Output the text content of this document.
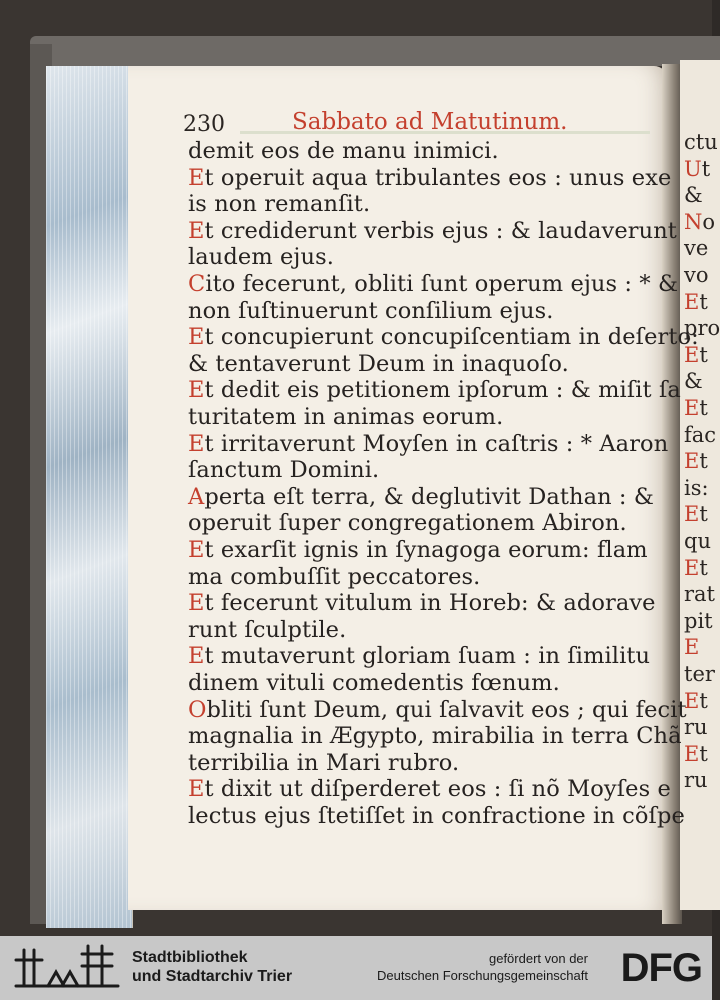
ctu
Ut
&
No
ve
vo
Et
pro
Et
&
Et
fac
Et
is:
Et
qu
Et
rat
pit
E
ter
Et
ru
Et
ru
230	Sabbato ad Matutinum.
demit eos de manu inimici.
Et operuit aqua tribulantes eos : unus exe
is non remanſit.
Et crediderunt verbis ejus : & laudaverunt
laudem ejus.
Cito fecerunt, obliti ſunt operum ejus : * &
non ſuſtinuerunt conſilium ejus.
Et concupierunt concupiſcentiam in deſerto:
& tentaverunt Deum in inaquoſo.
Et dedit eis petitionem ipſorum : & miſit ſa
turitatem in animas eorum.
Et irritaverunt Moyſen in caſtris : * Aaron
ſanctum Domini.
Aperta eſt terra, & deglutivit Dathan : &
operuit ſuper congregationem Abiron.
Et exarſit ignis in ſynagoga eorum: flam
ma combuſſit peccatores.
Et fecerunt vitulum in Horeb: & adorave
runt ſculptile.
Et mutaverunt gloriam ſuam : in ſimilitu
dinem vituli comedentis fœnum.
Obliti ſunt Deum, qui ſalvavit eos ; qui fecit
magnalia in Ægypto, mirabilia in terra Chã
terribilia in Mari rubro.
Et dixit ut diſperderet eos : ſi nõ Moyſes e
lectus ejus ſtetiſſet in confractione in cõſpe
Stadtbibliothek
und Stadtarchiv Trier
gefördert von der
Deutschen Forschungsgemeinschaft DFG
